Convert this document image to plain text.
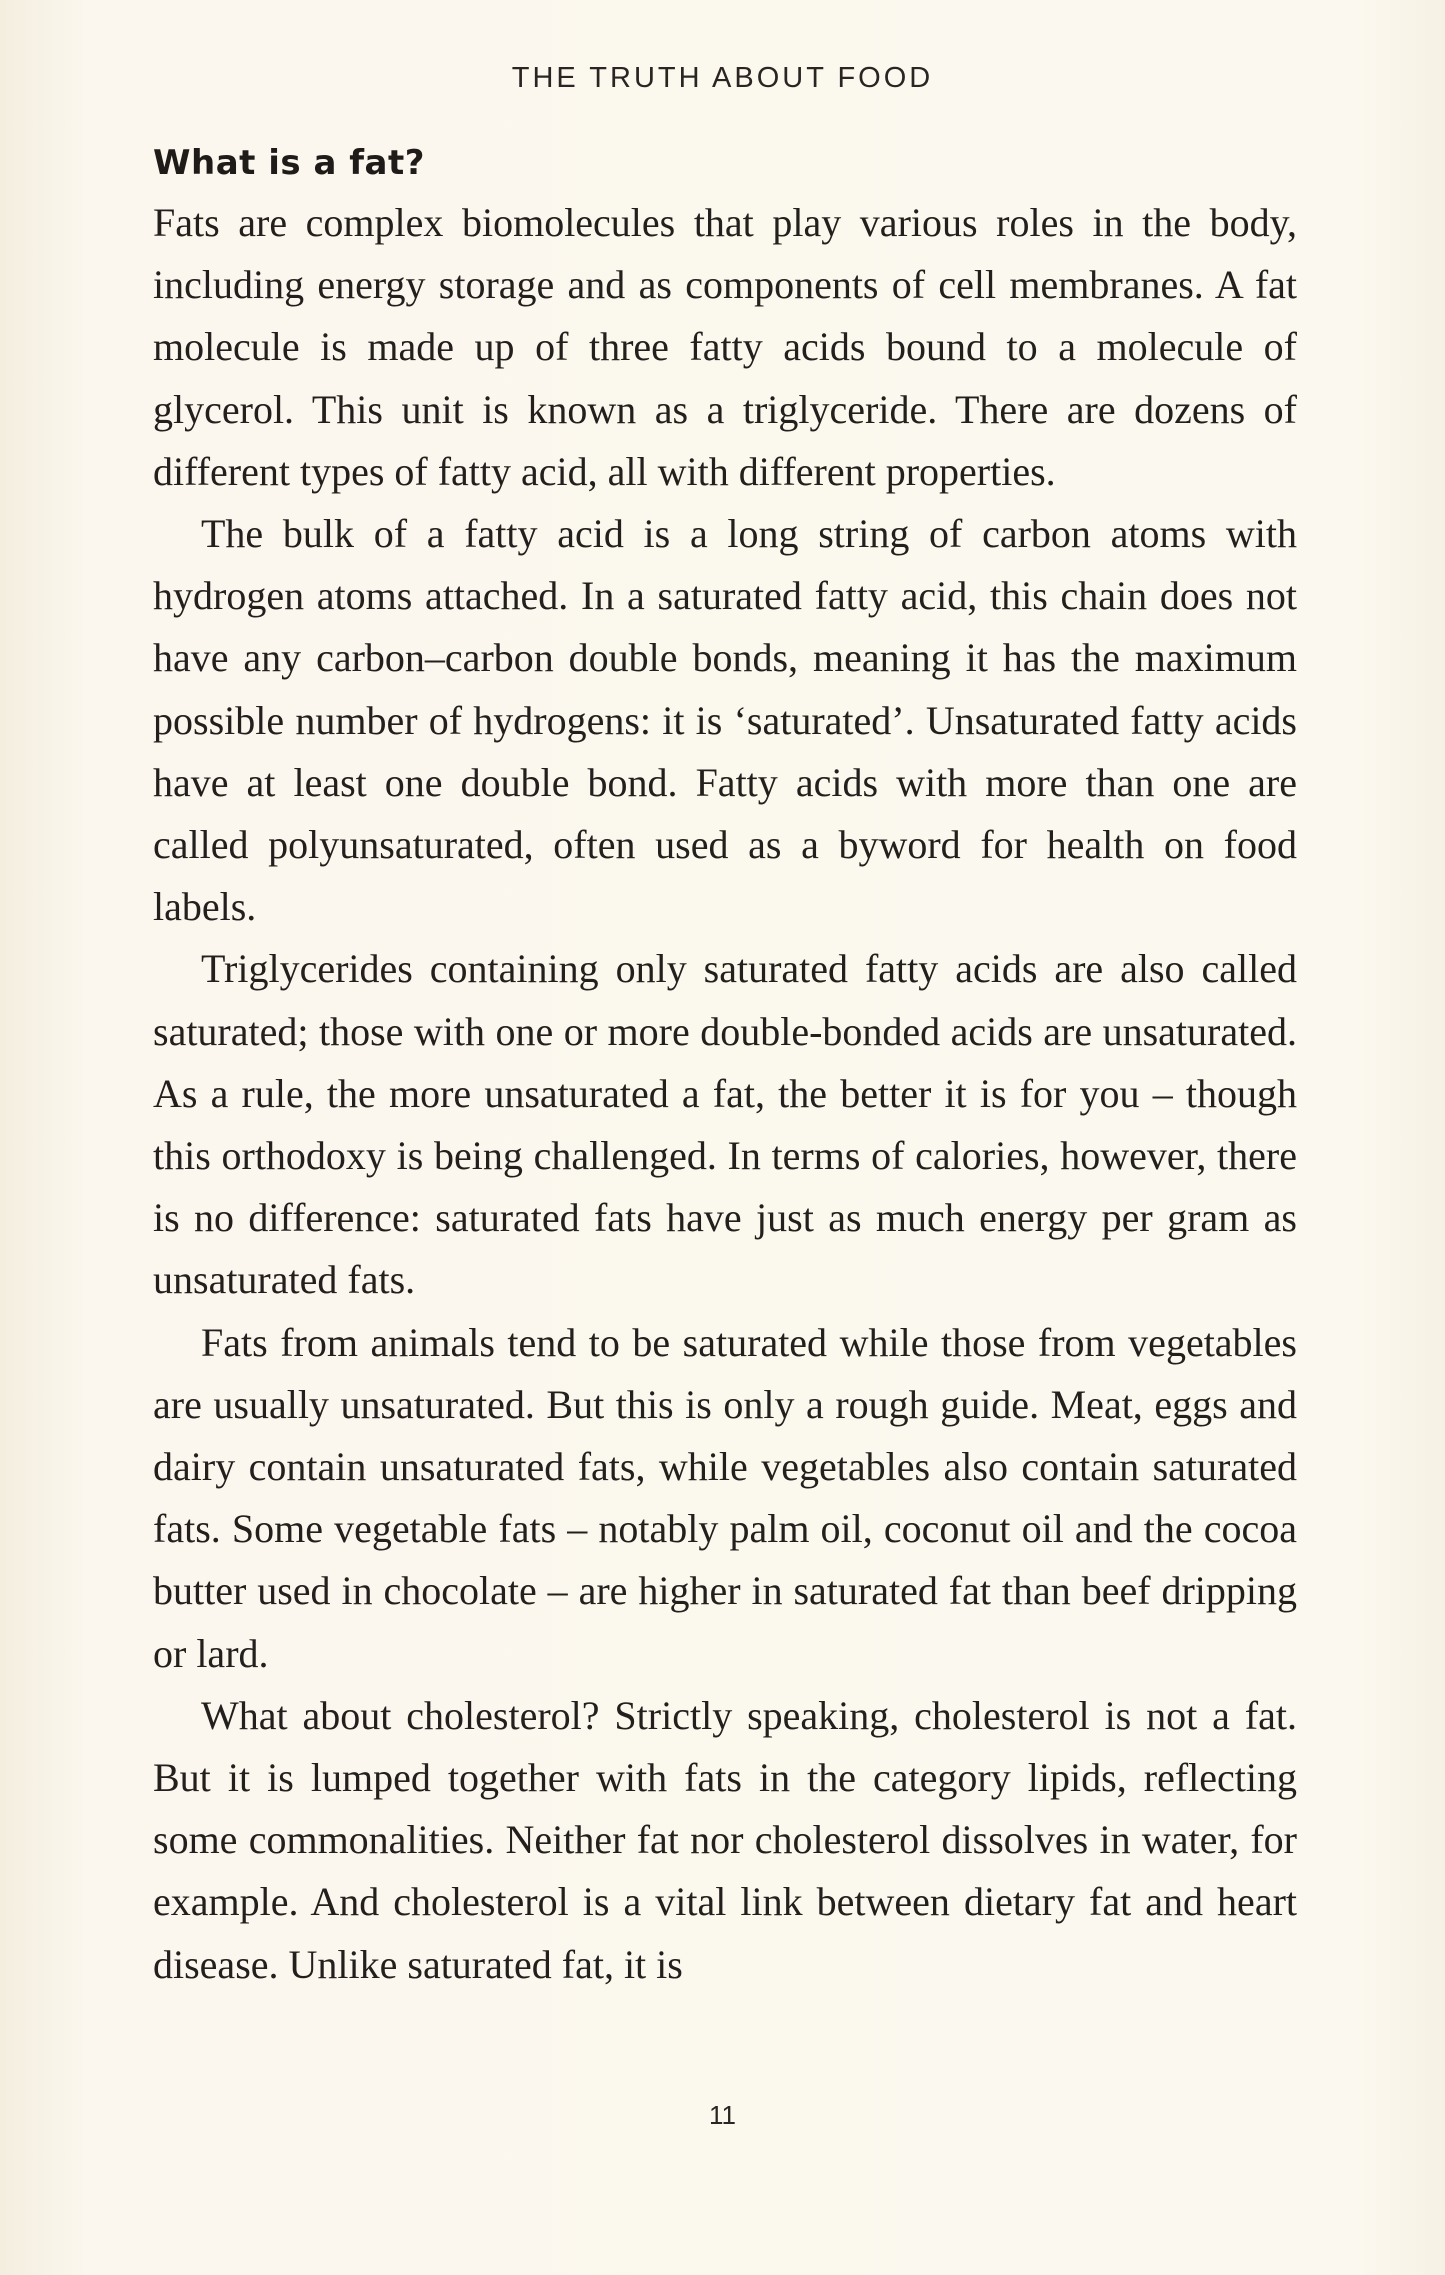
THE TRUTH ABOUT FOOD
What is a fat?

Fats are complex biomolecules that play various roles in the body, including energy storage and as components of cell membranes. A fat molecule is made up of three fatty acids bound to a molecule of glycerol. This unit is known as a triglyceride. There are dozens of different types of fatty acid, all with different properties.

The bulk of a fatty acid is a long string of carbon atoms with hydrogen atoms attached. In a saturated fatty acid, this chain does not have any carbon–carbon double bonds, meaning it has the maximum possible number of hydrogens: it is ‘saturated’. Unsaturated fatty acids have at least one double bond. Fatty acids with more than one are called polyunsaturated, often used as a byword for health on food labels.

Triglycerides containing only saturated fatty acids are also called saturated; those with one or more double-bonded acids are unsaturated. As a rule, the more unsaturated a fat, the better it is for you – though this orthodoxy is being challenged. In terms of calories, however, there is no difference: saturated fats have just as much energy per gram as unsaturated fats.

Fats from animals tend to be saturated while those from vegetables are usually unsaturated. But this is only a rough guide. Meat, eggs and dairy contain unsaturated fats, while vegetables also contain saturated fats. Some vegetable fats – notably palm oil, coconut oil and the cocoa butter used in chocolate – are higher in saturated fat than beef dripping or lard.

What about cholesterol? Strictly speaking, cholesterol is not a fat. But it is lumped together with fats in the category lipids, reflecting some commonalities. Neither fat nor cholesterol dissolves in water, for example. And cholesterol is a vital link between dietary fat and heart disease. Unlike saturated fat, it is

11
